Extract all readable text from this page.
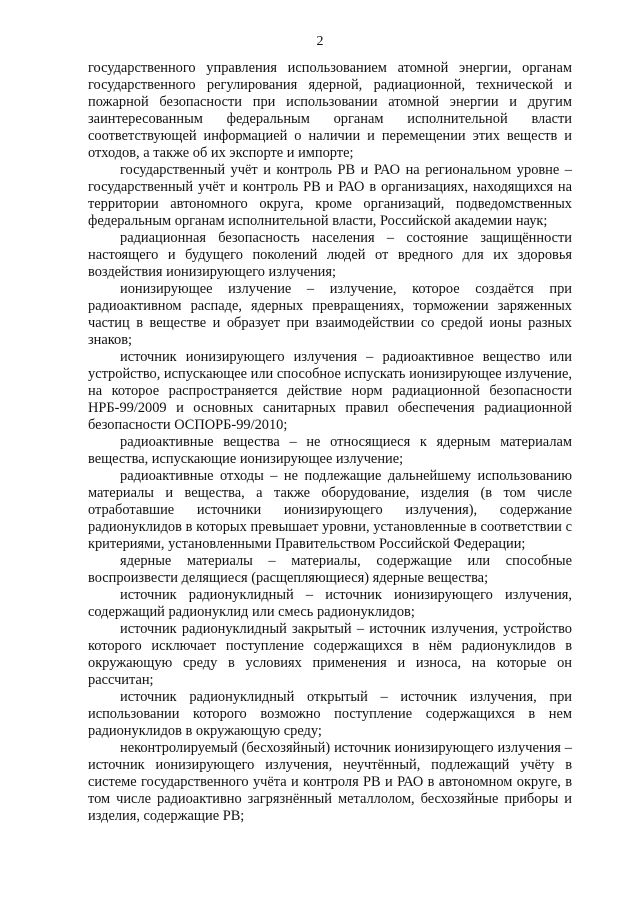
2

государственного управления использованием атомной энергии, органам государственного регулирования ядерной, радиационной, технической и пожарной безопасности при использовании атомной энергии и другим заинтересованным федеральным органам исполнительной власти соответствующей информацией о наличии и перемещении этих веществ и отходов, а также об их экспорте и импорте;

государственный учёт и контроль РВ и РАО на региональном уровне – государственный учёт и контроль РВ и РАО в организациях, находящихся на территории автономного округа, кроме организаций, подведомственных федеральным органам исполнительной власти, Российской академии наук;

радиационная безопасность населения – состояние защищённости настоящего и будущего поколений людей от вредного для их здоровья воздействия ионизирующего излучения;

ионизирующее излучение – излучение, которое создаётся при радиоактивном распаде, ядерных превращениях, торможении заряженных частиц в веществе и образует при взаимодействии со средой ионы разных знаков;

источник ионизирующего излучения – радиоактивное вещество или устройство, испускающее или способное испускать ионизирующее излучение, на которое распространяется действие норм радиационной безопасности НРБ-99/2009 и основных санитарных правил обеспечения радиационной безопасности ОСПОРБ-99/2010;

радиоактивные вещества – не относящиеся к ядерным материалам вещества, испускающие ионизирующее излучение;

радиоактивные отходы – не подлежащие дальнейшему использованию материалы и вещества, а также оборудование, изделия (в том числе отработавшие источники ионизирующего излучения), содержание радионуклидов в которых превышает уровни, установленные в соответствии с критериями, установленными Правительством Российской Федерации;

ядерные материалы – материалы, содержащие или способные воспроизвести делящиеся (расщепляющиеся) ядерные вещества;

источник радионуклидный – источник ионизирующего излучения, содержащий радионуклид или смесь радионуклидов;

источник радионуклидный закрытый – источник излучения, устройство которого исключает поступление содержащихся в нём радионуклидов в окружающую среду в условиях применения и износа, на которые он рассчитан;

источник радионуклидный открытый – источник излучения, при использовании которого возможно поступление содержащихся в нем радионуклидов в окружающую среду;

неконтролируемый (бесхозяйный) источник ионизирующего излучения – источник ионизирующего излучения, неучтённый, подлежащий учёту в системе государственного учёта и контроля РВ и РАО в автономном округе, в том числе радиоактивно загрязнённый металлолом, бесхозяйные приборы и изделия, содержащие РВ;
